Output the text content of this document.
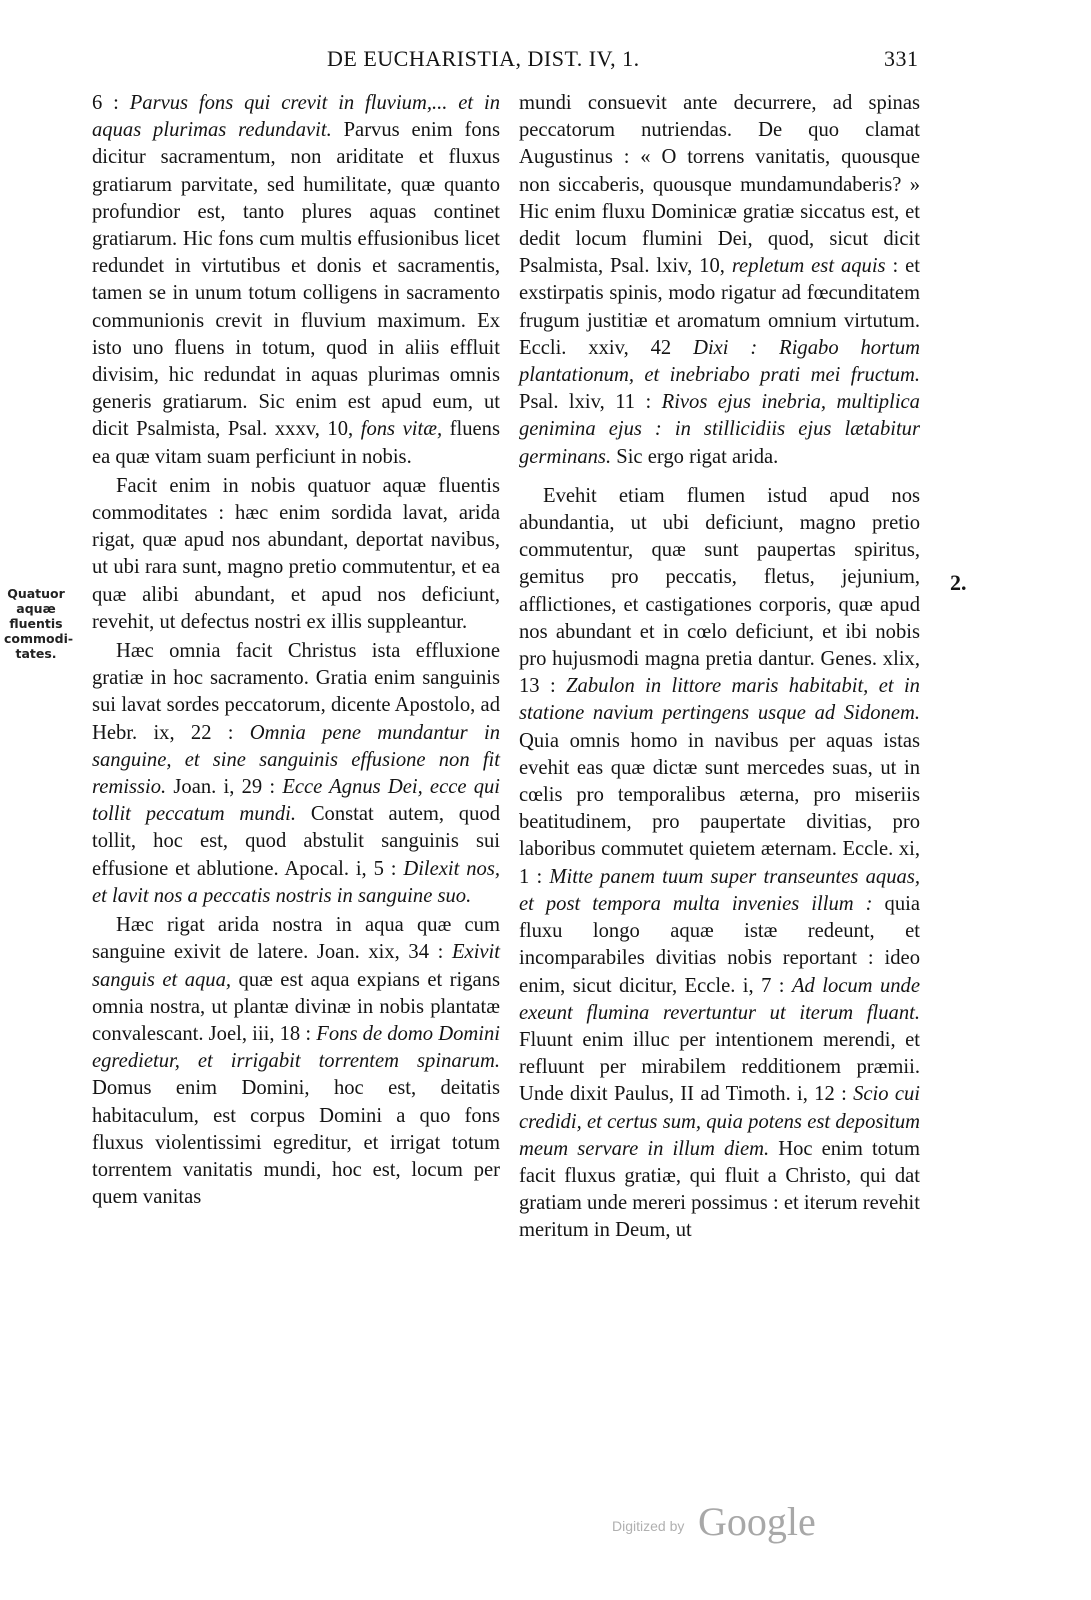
DE EUCHARISTIA, DIST. IV, 1.	331
Quatuor
aquæ
fluentis
commodi-
tates.
2.

6 : Parvus fons qui crevit in fluvium,... et in aquas plurimas redundavit. Parvus enim fons dicitur sacramentum, non ariditate et fluxus gratiarum parvitate, sed humilitate, quæ quanto profundior est, tanto plures aquas continet gratiarum. Hic fons cum multis effusionibus licet redundet in virtutibus et donis et sacramentis, tamen se in unum totum colligens in sacramento communionis crevit in fluvium maximum. Ex isto uno fluens in totum, quod in aliis effluit divisim, hic redundat in aquas plurimas omnis generis gratiarum. Sic enim est apud eum, ut dicit Psalmista, Psal. xxxv, 10, fons vitæ, fluens ea quæ vitam suam perficiunt in nobis.

Facit enim in nobis quatuor aquæ fluentis commoditates : hæc enim sordida lavat, arida rigat, quæ apud nos abundant, deportat navibus, ut ubi rara sunt, magno pretio commutentur, et ea quæ alibi abundant, et apud nos deficiunt, revehit, ut defectus nostri ex illis suppleantur.

Hæc omnia facit Christus ista effluxione gratiæ in hoc sacramento. Gratia enim sanguinis sui lavat sordes peccatorum, dicente Apostolo, ad Hebr. ix, 22 : Omnia pene mundantur in sanguine, et sine sanguinis effusione non fit remissio. Joan. i, 29 : Ecce Agnus Dei, ecce qui tollit peccatum mundi. Constat autem, quod tollit, hoc est, quod abstulit sanguinis sui effusione et ablutione. Apocal. i, 5 : Dilexit nos, et lavit nos a peccatis nostris in sanguine suo.

Hæc rigat arida nostra in aqua quæ cum sanguine exivit de latere. Joan. xix, 34 : Exivit sanguis et aqua, quæ est aqua expians et rigans omnia nostra, ut plantæ divinæ in nobis plantatæ convalescant. Joel, iii, 18 : Fons de domo Domini egredietur, et irrigabit torrentem spinarum. Domus enim Domini, hoc est, deitatis habitaculum, est corpus Domini a quo fons fluxus violentissimi egreditur, et irrigat totum torrentem vanitatis mundi, hoc est, locum per quem vanitas

mundi consuevit ante decurrere, ad spinas peccatorum nutriendas. De quo clamat Augustinus : « O torrens vanitatis, quousque non siccaberis, quousque mundamundaberis? » Hic enim fluxu Dominicæ gratiæ siccatus est, et dedit locum flumini Dei, quod, sicut dicit Psalmista, Psal. lxiv, 10, repletum est aquis : et exstirpatis spinis, modo rigatur ad fœcunditatem frugum justitiæ et aromatum omnium virtutum. Eccli. xxiv, 42 Dixi : Rigabo hortum plantationum, et inebriabo prati mei fructum. Psal. lxiv, 11 : Rivos ejus inebria, multiplica genimina ejus : in stillicidiis ejus lætabitur germinans. Sic ergo rigat arida.

Evehit etiam flumen istud apud nos abundantia, ut ubi deficiunt, magno pretio commutentur, quæ sunt paupertas spiritus, gemitus pro peccatis, fletus, jejunium, afflictiones, et castigationes corporis, quæ apud nos abundant et in cœlo deficiunt, et ibi nobis pro hujusmodi magna pretia dantur. Genes. xlix, 13 : Zabulon in littore maris habitabit, et in statione navium pertingens usque ad Sidonem. Quia omnis homo in navibus per aquas istas evehit eas quæ dictæ sunt mercedes suas, ut in cœlis pro temporalibus æterna, pro miseriis beatitudinem, pro paupertate divitias, pro laboribus commutet quietem æternam. Eccle. xi, 1 : Mitte panem tuum super transeuntes aquas, et post tempora multa invenies illum : quia fluxu longo aquæ istæ redeunt, et incomparabiles divitias nobis reportant : ideo enim, sicut dicitur, Eccle. i, 7 : Ad locum unde exeunt flumina revertuntur ut iterum fluant. Fluunt enim illuc per intentionem merendi, et refluunt per mirabilem redditionem præmii. Unde dixit Paulus, II ad Timoth. i, 12 : Scio cui credidi, et certus sum, quia potens est depositum meum servare in illum diem. Hoc enim totum facit fluxus gratiæ, qui fluit a Christo, qui dat gratiam unde mereri possimus : et iterum revehit meritum in Deum, ut

Digitized by Google
